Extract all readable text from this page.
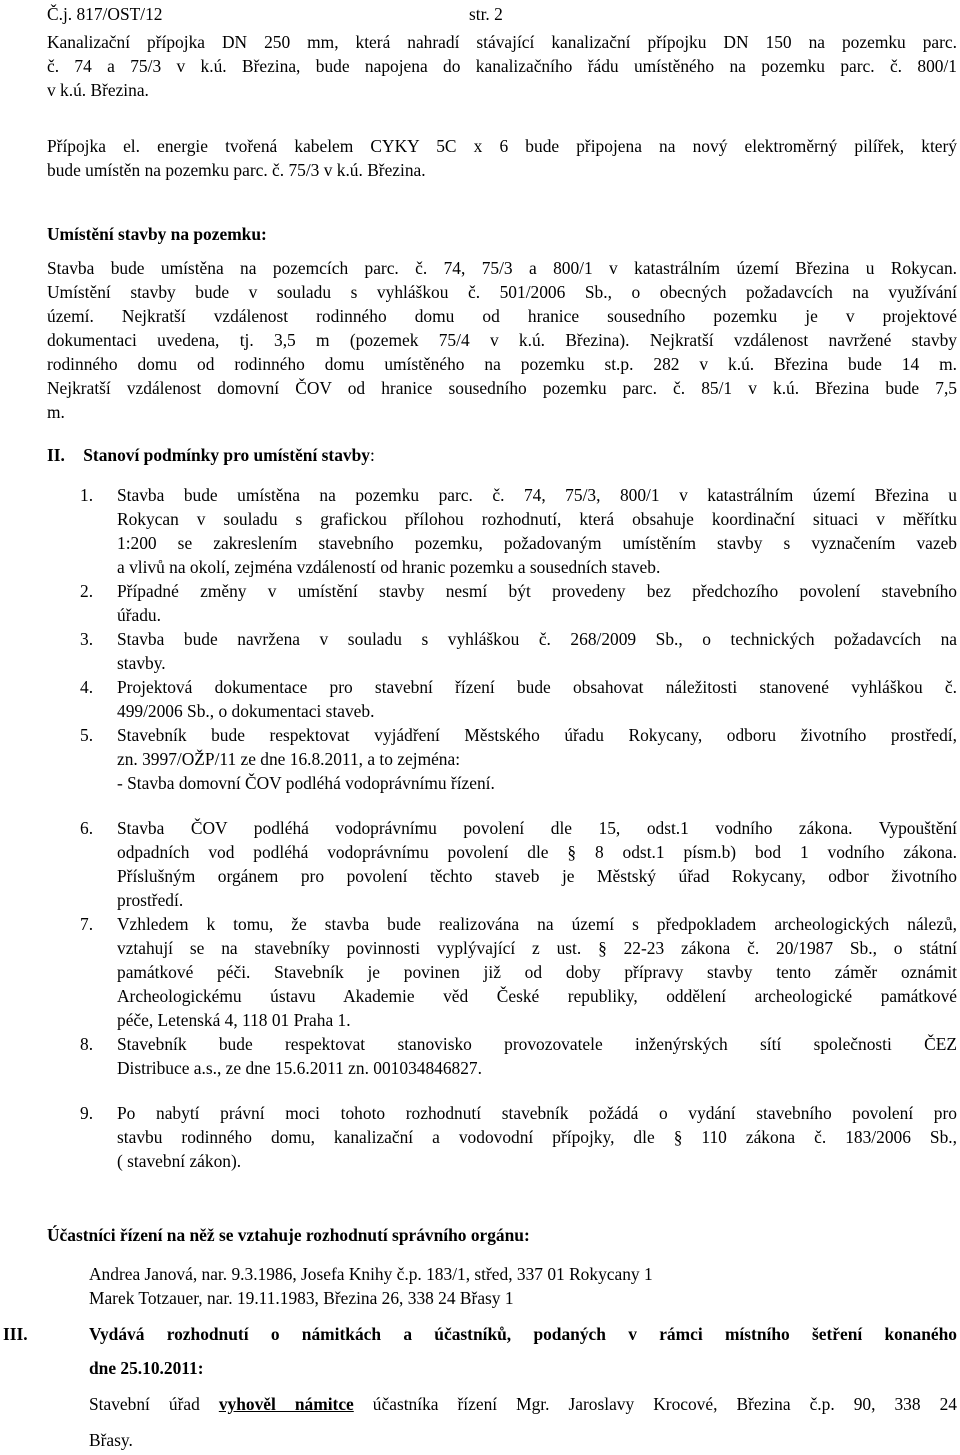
Č.j. 817/OST/12	str. 2
Kanalizační přípojka DN 250 mm, která nahradí stávající kanalizační přípojku DN 150 na pozemku parc.
č. 74 a 75/3 v k.ú. Březina, bude napojena do kanalizačního řádu umístěného na pozemku parc. č. 800/1
v k.ú. Březina.
Přípojka el. energie tvořená kabelem CYKY 5C x 6 bude připojena na nový elektroměrný pilířek, který
bude umístěn na pozemku parc. č. 75/3 v k.ú. Březina.
Umístění stavby na pozemku:
Stavba bude umístěna na pozemcích parc. č. 74, 75/3 a 800/1 v katastrálním území Březina u Rokycan.
Umístění stavby bude v souladu s vyhláškou č. 501/2006 Sb., o obecných požadavcích na využívání
území. Nejkratší vzdálenost rodinného domu od hranice sousedního pozemku je v projektové
dokumentaci uvedena, tj. 3,5 m (pozemek 75/4 v k.ú. Březina). Nejkratší vzdálenost navržené stavby
rodinného domu od rodinného domu umístěného na pozemku st.p. 282 v k.ú. Březina bude 14 m.
Nejkratší vzdálenost domovní ČOV od hranice sousedního pozemku parc. č. 85/1 v k.ú. Březina bude 7,5
m.
II. Stanoví podmínky pro umístění stavby:
1. Stavba bude umístěna na pozemku parc. č. 74, 75/3, 800/1 v katastrálním území Březina u
Rokycan v souladu s grafickou přílohou rozhodnutí, která obsahuje koordinační situaci v měřítku
1:200 se zakreslením stavebního pozemku, požadovaným umístěním stavby s vyznačením vazeb
a vlivů na okolí, zejména vzdáleností od hranic pozemku a sousedních staveb.
2. Případné změny v umístění stavby nesmí být provedeny bez předchozího povolení stavebního
úřadu.
3. Stavba bude navržena v souladu s vyhláškou č. 268/2009 Sb., o technických požadavcích na
stavby.
4. Projektová dokumentace pro stavební řízení bude obsahovat náležitosti stanovené vyhláškou č.
499/2006 Sb., o dokumentaci staveb.
5. Stavebník bude respektovat vyjádření Městského úřadu Rokycany, odboru životního prostředí,
zn. 3997/OŽP/11 ze dne 16.8.2011, a to zejména:
- Stavba domovní ČOV podléhá vodoprávnímu řízení.
6. Stavba ČOV podléhá vodoprávnímu povolení dle 15, odst.1 vodního zákona. Vypouštění
odpadních vod podléhá vodoprávnímu povolení dle § 8 odst.1 písm.b) bod 1 vodního zákona.
Příslušným orgánem pro povolení těchto staveb je Městský úřad Rokycany, odbor životního
prostředí.
7. Vzhledem k tomu, že stavba bude realizována na území s předpokladem archeologických nálezů,
vztahují se na stavebníky povinnosti vyplývající z ust. § 22-23 zákona č. 20/1987 Sb., o státní
památkové péči. Stavebník je povinen již od doby přípravy stavby tento záměr oznámit
Archeologickému ústavu Akademie věd České republiky, oddělení archeologické památkové
péče, Letenská 4, 118 01 Praha 1.
8. Stavebník bude respektovat stanovisko provozovatele inženýrských sítí společnosti ČEZ
Distribuce a.s., ze dne 15.6.2011 zn. 001034846827.
9. Po nabytí právní moci tohoto rozhodnutí stavebník požádá o vydání stavebního povolení pro
stavbu rodinného domu, kanalizační a vodovodní přípojky, dle § 110 zákona č. 183/2006 Sb.,
( stavební zákon).
Účastníci řízení na něž se vztahuje rozhodnutí správního orgánu:
Andrea Janová, nar. 9.3.1986, Josefa Knihy č.p. 183/1, střed, 337 01 Rokycany 1
Marek Totzauer, nar. 19.11.1983, Březina 26, 338 24 Břasy 1
III.	Vydává rozhodnutí o námitkách a účastníků, podaných v rámci místního šetření konaného
dne 25.10.2011:
Stavební úřad vyhověl námitce účastníka řízení Mgr. Jaroslavy Krocové, Březina č.p. 90, 338 24
Břasy.
